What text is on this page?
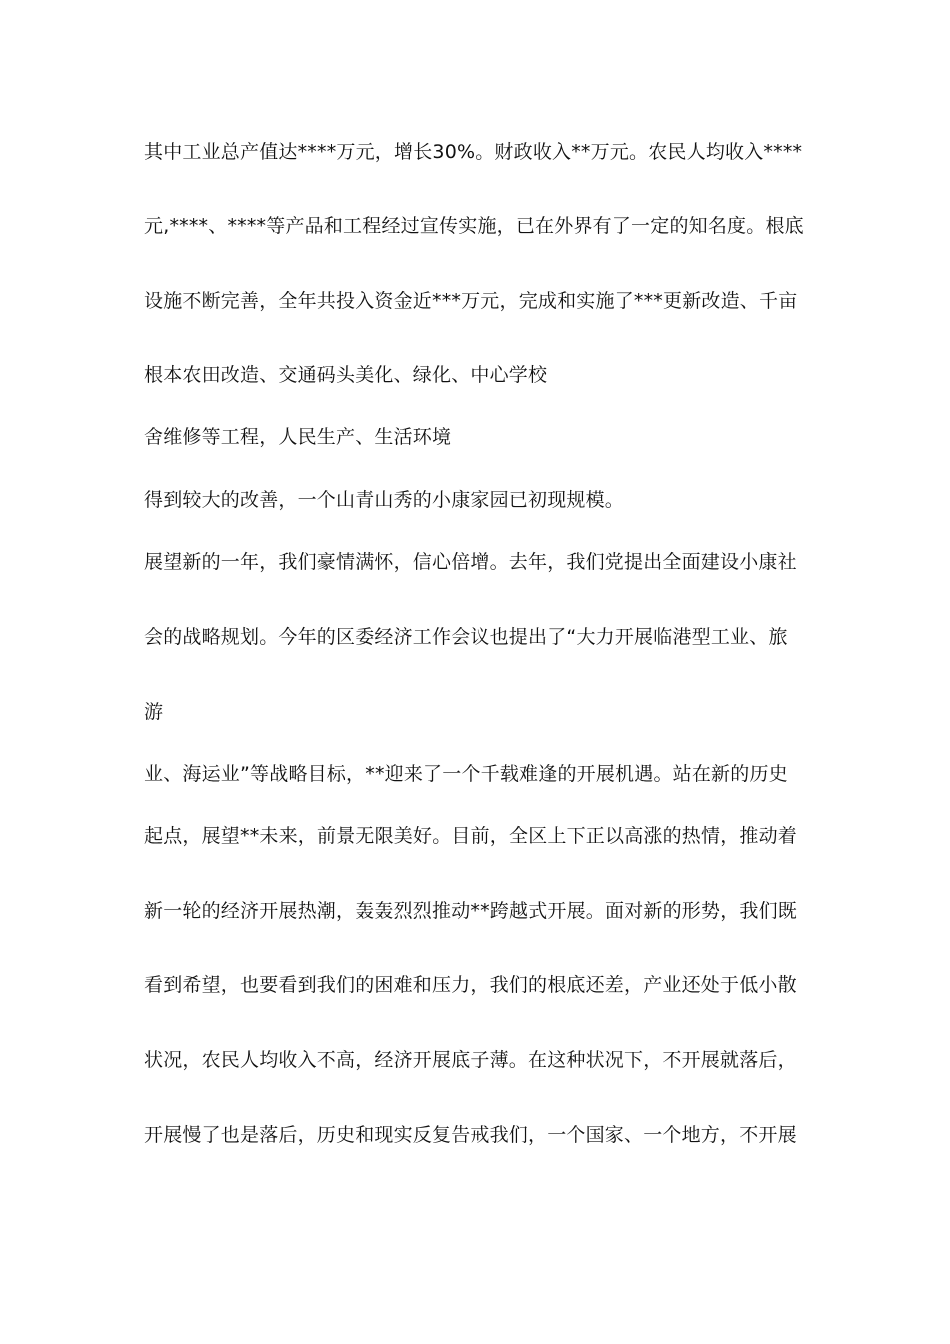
其中工业总产值达****万元，增长30%。财政收入**万元。农民人均收入****
元,****、****等产品和工程经过宣传实施，已在外界有了一定的知名度。根底
设施不断完善，全年共投入资金近***万元，完成和实施了***更新改造、千亩
根本农田改造、交通码头美化、绿化、中心学校
舍维修等工程，人民生产、生活环境
得到较大的改善，一个山青山秀的小康家园已初现规模。
展望新的一年，我们豪情满怀，信心倍增。去年，我们党提出全面建设小康社
会的战略规划。今年的区委经济工作会议也提出了“大力开展临港型工业、旅
游
业、海运业”等战略目标，**迎来了一个千载难逢的开展机遇。站在新的历史
起点，展望**未来，前景无限美好。目前，全区上下正以高涨的热情，推动着
新一轮的经济开展热潮，轰轰烈烈推动**跨越式开展。面对新的形势，我们既
看到希望，也要看到我们的困难和压力，我们的根底还差，产业还处于低小散
状况，农民人均收入不高，经济开展底子薄。在这种状况下，不开展就落后，
开展慢了也是落后，历史和现实反复告戒我们，一个国家、一个地方，不开展
